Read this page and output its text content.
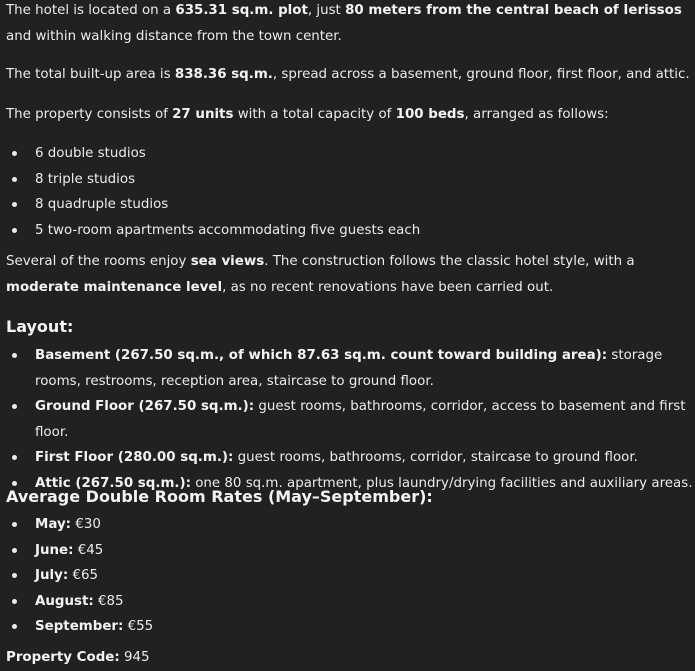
The hotel is located on a 635.31 sq.m. plot, just 80 meters from the central beach of Ierissos and within walking distance from the town center.

The total built-up area is 838.36 sq.m., spread across a basement, ground floor, first floor, and attic.

The property consists of 27 units with a total capacity of 100 beds, arranged as follows:

6 double studios
8 triple studios
8 quadruple studios
5 two-room apartments accommodating five guests each

Several of the rooms enjoy sea views. The construction follows the classic hotel style, with a moderate maintenance level, as no recent renovations have been carried out.

Layout:
Basement (267.50 sq.m., of which 87.63 sq.m. count toward building area): storage rooms, restrooms, reception area, staircase to ground floor.
Ground Floor (267.50 sq.m.): guest rooms, bathrooms, corridor, access to basement and first floor.
First Floor (280.00 sq.m.): guest rooms, bathrooms, corridor, staircase to ground floor.
Attic (267.50 sq.m.): one 80 sq.m. apartment, plus laundry/drying facilities and auxiliary areas.
Average Double Room Rates (May–September):
May: €30
June: €45
July: €65
August: €85
September: €55

Property Code: 945
